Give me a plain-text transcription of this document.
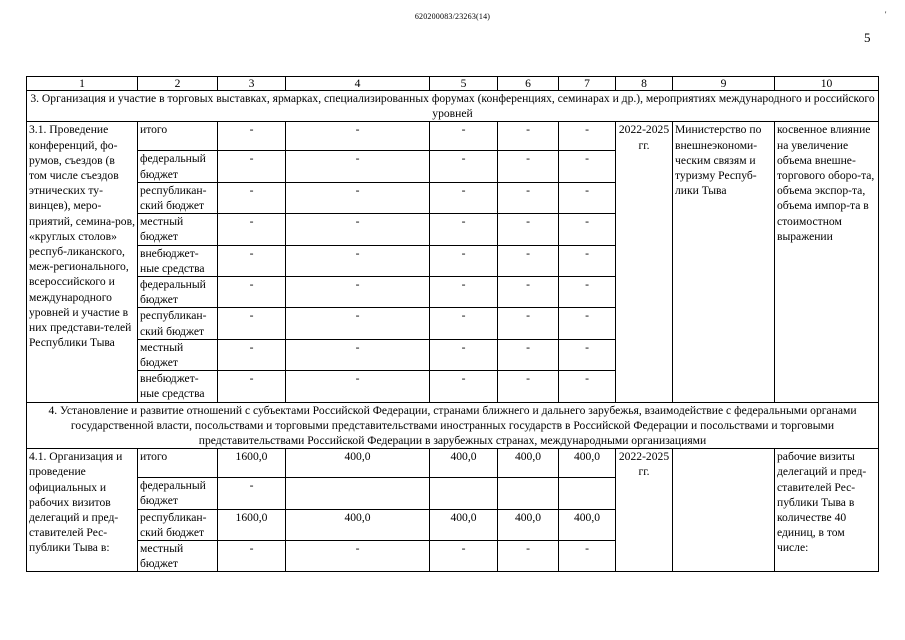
620200083/23263(14)	'
5
1	2	3	4	5	6	7	8	9	10
3. Организация и участие в торговых выставках, ярмарках, специализированных форумах (конференциях, семинарах и др.), мероприятиях международного и российского уровней									
3.1. Проведение конференций, фо-румов, съездов (в том числе съездов этнических ту-винцев), меро-приятий, семина-ров, «круглых столов» респуб-ликанского, меж-регионального, всероссийского и международного уровней и участие в них представи-телей Республики Тыва	итого	-	-	-	-	-	2022-2025 гг.	Министерство по внешнеэкономи-ческим связям и туризму Респуб-лики Тыва	косвенное влияние на увеличение объема внешне-торгового оборо-та, объема экспор-та, объема импор-та в стоимостном выражении
	федеральный бюджет	-	-	-	-	-			
	республикан-ский бюджет	-	-	-	-	-			
	местный бюджет	-	-	-	-	-			
	внебюджет-ные средства	-	-	-	-	-			
	федеральный бюджет	-	-	-	-	-			
	республикан-ский бюджет	-	-	-	-	-			
	местный бюджет	-	-	-	-	-			
	внебюджет-ные средства	-	-	-	-	-			
4. Установление и развитие отношений с субъектами Российской Федерации, странами ближнего и дальнего зарубежья, взаимодействие с федеральными органами государственной власти, посольствами и торговыми представительствами иностранных государств в Российской Федерации и посольствами и торговыми представительствами Российской Федерации в зарубежных странах, международными организациями									
4.1. Организация и проведение официальных и рабочих визитов делегаций и пред-ставителей Рес-публики Тыва в:	итого	1600,0	400,0	400,0	400,0	400,0	2022-2025 гг.		рабочие визиты делегаций и пред-ставителей Рес-публики Тыва в количестве 40 единиц, в том числе:
	федеральный бюджет	-							
	республикан-ский бюджет	1600,0	400,0	400,0	400,0	400,0			
	местный бюджет	-	-	-	-	-			
